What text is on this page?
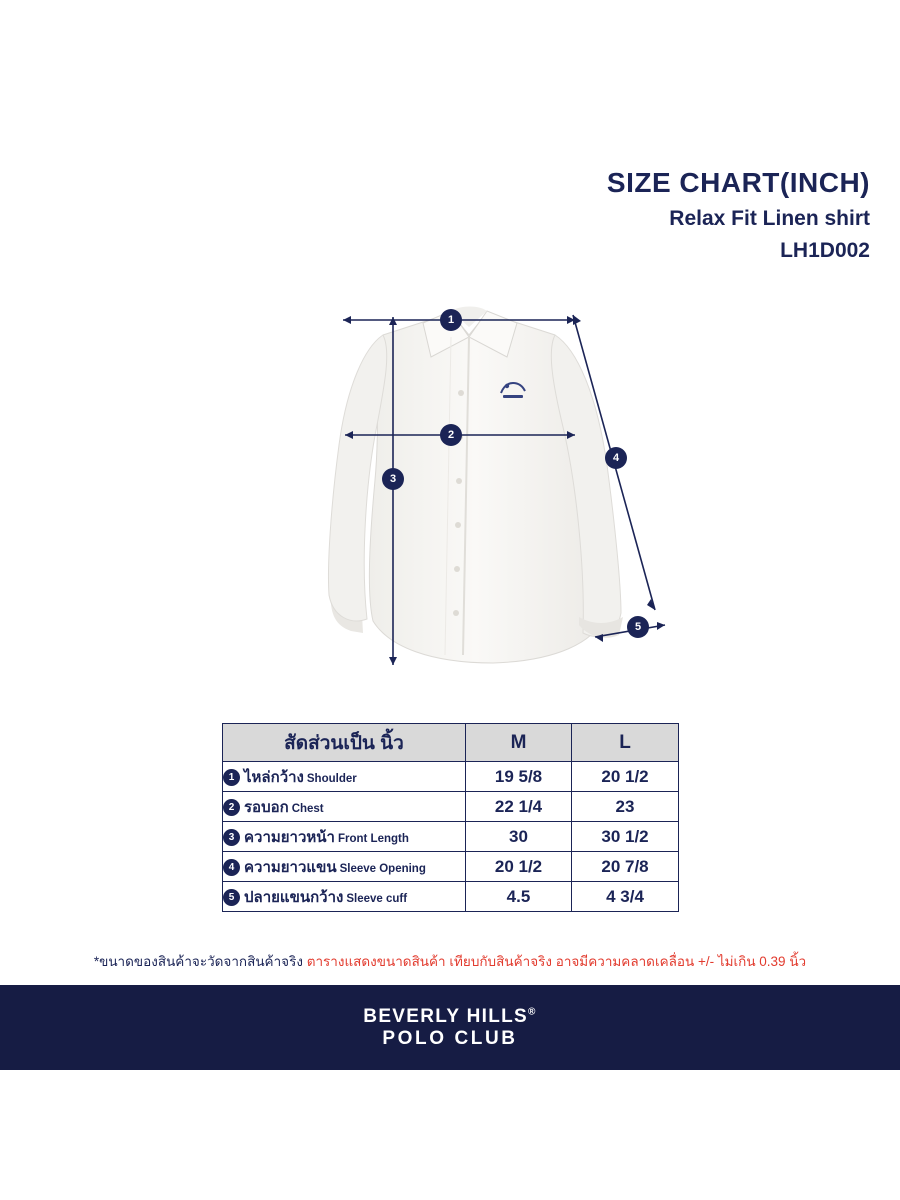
SIZE CHART(INCH)
Relax Fit Linen shirt
LH1D002
1
2
3
4
5
สัดส่วนเป็น นิ้ว	M	L
1 ไหล่กว้าง Shoulder	19 5/8	20 1/2
2 รอบอก Chest	22 1/4	23
3 ความยาวหน้า Front Length	30	30 1/2
4 ความยาวแขน Sleeve Opening	20 1/2	20 7/8
5 ปลายแขนกว้าง Sleeve cuff	4.5	4 3/4
*ขนาดของสินค้าจะวัดจากสินค้าจริง ตารางแสดงขนาดสินค้า เทียบกับสินค้าจริง อาจมีความคลาดเคลื่อน +/- ไม่เกิน 0.39 นิ้ว
BEVERLY HILLS®
POLO CLUB
